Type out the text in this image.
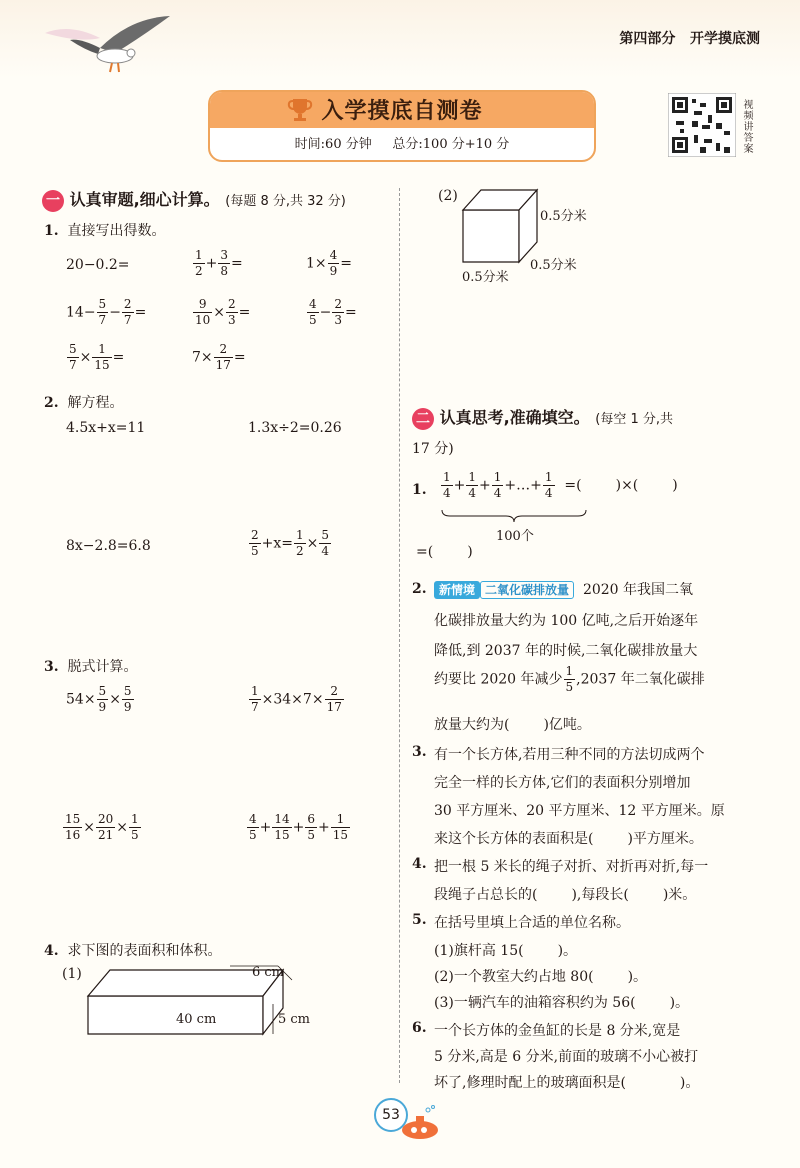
第四部分 开学摸底测
入学摸底自测卷
时间:60 分钟 总分:100 分+10 分	视频讲答案
一 认真审题,细心计算。 (每题 8 分,共 32 分)
1. 直接写出得数。
20−0.2=	$\frac{1}{2} + \frac{3}{8}$ =	$1\times \frac{4}{9}$ =
$14- \frac{5}{7} - \frac{2}{7}$ =	$\frac{9}{10} \times \frac{2}{3}$ =	$\frac{4}{5} - \frac{2}{3}$ =
$\frac{5}{7} \times \frac{1}{15}$ =	$7\times \frac{2}{17}$ =
2. 解方程。
4.5x+x=11	1.3x÷2=0.26
8x−2.8=6.8	$\frac{2}{5} +x= \frac{1}{2} \times \frac{5}{4}$
3. 脱式计算。
$54\times \frac{5}{9} \times \frac{5}{9}$	$\frac{1}{7} \times 34\times 7\times \frac{2}{17}$
$\frac{15}{16} \times \frac{20}{21} \times \frac{1}{5}$	$\frac{4}{5} + \frac{14}{15} + \frac{6}{5} + \frac{1}{15}$
4. 求下图的表面积和体积。
(1)
40 cm
6 cm
5 cm
(2)
0.5分米
0.5分米
0.5分米
二 认真思考,准确填空。 (每空 1 分,共
17 分)
1. $\frac{1}{4} + \frac{1}{4} + \frac{1}{4}$ +…+ $\frac{1}{4}$ =( )×( )
100个
=( )
2.	新情境 二氧化碳排放量 2020 年我国二氧
化碳排放量大约为 100 亿吨,之后开始逐年
降低,到 2037 年的时候,二氧化碳排放量大
约要比 2020 年减少 $\frac{1}{5} ,2037$ 年二氧化碳排
放量大约为( )亿吨。
3. 有一个长方体,若用三种不同的方法切成两个
完全一样的长方体,它们的表面积分别增加
30 平方厘米、20 平方厘米、12 平方厘米。原
来这个长方体的表面积是( )平方厘米。
4. 把一根 5 米长的绳子对折、对折再对折,每一
段绳子占总长的( ),每段长( )米。
5. 在括号里填上合适的单位名称。
(1)旗杆高 15( )。
(2)一个教室大约占地 80( )。
(3)一辆汽车的油箱容积约为 56( )。
6. 一个长方体的金鱼缸的长是 8 分米,宽是
5 分米,高是 6 分米,前面的玻璃不小心被打
坏了,修理时配上的玻璃面积是(	)。
53
